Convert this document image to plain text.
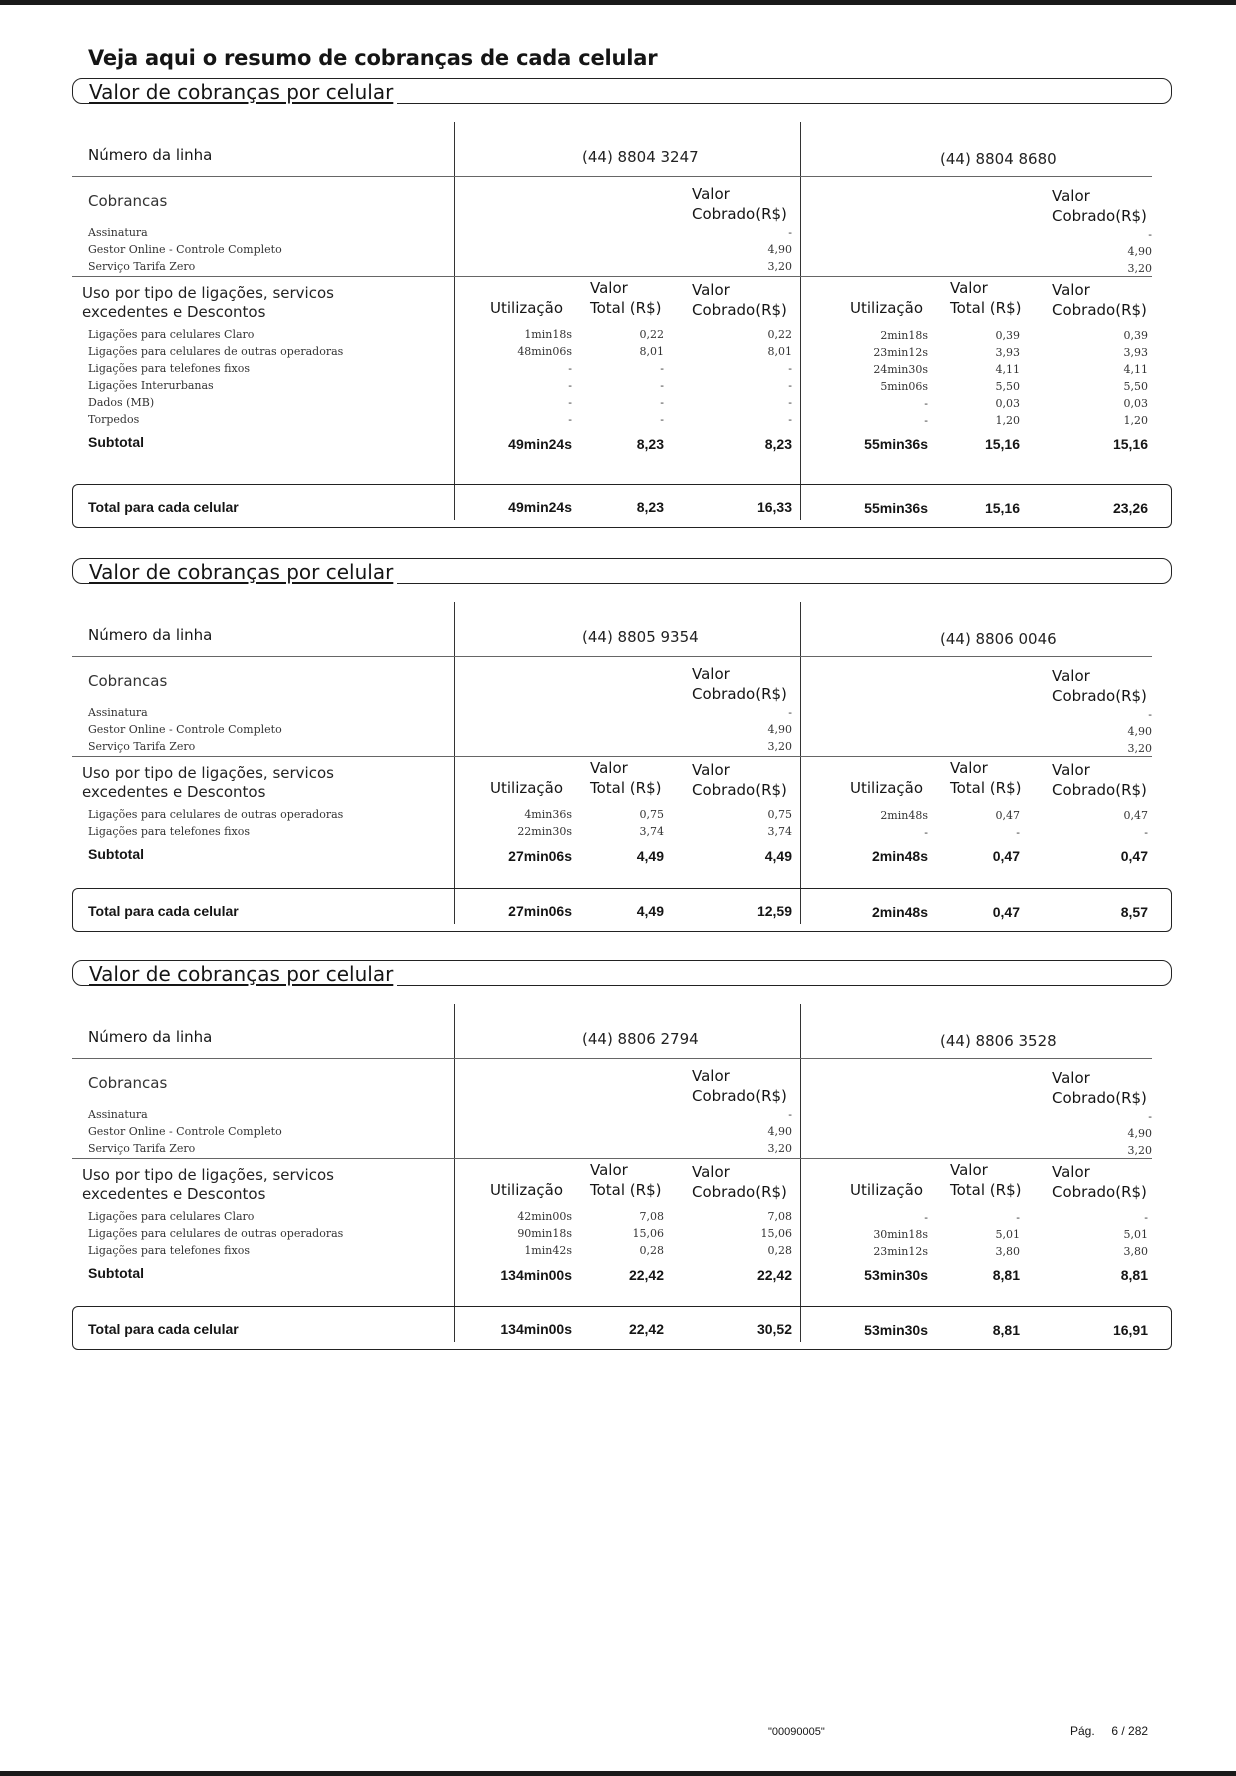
Veja aqui o resumo de cobranças de cada celular
Valor de cobranças por celular
Número da linha	(44) 8804 3247	(44) 8804 8680
Cobrancas	Valor
Cobrado(R$)
Valor
Cobrado(R$)
Assinatura	-	-
Gestor Online - Controle Completo	4,90	4,90
Serviço Tarifa Zero	3,20	3,20
Uso por tipo de ligações, servicos
excedentes e Descontos	Utilização
Valor
Total (R$)
Valor
Cobrado(R$)	Utilização
Valor
Total (R$)
Valor
Cobrado(R$)
Ligações para celulares Claro	1min18s	0,22	0,22	2min18s	0,39	0,39
Ligações para celulares de outras operadoras	48min06s	8,01	8,01	23min12s	3,93	3,93
Ligações para telefones fixos	-	-	-	24min30s	4,11	4,11
Ligações Interurbanas	-	-	-	5min06s	5,50	5,50
Dados (MB)	-	-	-	-	0,03	0,03
Torpedos	-	-	-	-	1,20	1,20
Subtotal	49min24s	8,23	8,23	55min36s	15,16	15,16
Total para cada celular	49min24s	8,23	16,33	55min36s	15,16	23,26
Valor de cobranças por celular
Número da linha	(44) 8805 9354	(44) 8806 0046
Cobrancas	Valor
Cobrado(R$)
Valor
Cobrado(R$)
Assinatura	-	-
Gestor Online - Controle Completo	4,90	4,90
Serviço Tarifa Zero	3,20	3,20
Uso por tipo de ligações, servicos
excedentes e Descontos	Utilização
Valor
Total (R$)
Valor
Cobrado(R$)	Utilização
Valor
Total (R$)
Valor
Cobrado(R$)
Ligações para celulares de outras operadoras	4min36s	0,75	0,75	2min48s	0,47	0,47
Ligações para telefones fixos	22min30s	3,74	3,74	-	-	-
Subtotal	27min06s	4,49	4,49	2min48s	0,47	0,47
Total para cada celular	27min06s	4,49	12,59	2min48s	0,47	8,57
Valor de cobranças por celular
Número da linha	(44) 8806 2794	(44) 8806 3528
Cobrancas	Valor
Cobrado(R$)
Valor
Cobrado(R$)
Assinatura	-	-
Gestor Online - Controle Completo	4,90	4,90
Serviço Tarifa Zero	3,20	3,20
Uso por tipo de ligações, servicos
excedentes e Descontos	Utilização
Valor
Total (R$)
Valor
Cobrado(R$)	Utilização
Valor
Total (R$)
Valor
Cobrado(R$)
Ligações para celulares Claro	42min00s	7,08	7,08	-	-	-
Ligações para celulares de outras operadoras	90min18s	15,06	15,06	30min18s	5,01	5,01
Ligações para telefones fixos	1min42s	0,28	0,28	23min12s	3,80	3,80
Subtotal	134min00s	22,42	22,42	53min30s	8,81	8,81
Total para cada celular	134min00s	22,42	30,52	53min30s	8,81	16,91
"00090005"	Pág. 6 / 282
